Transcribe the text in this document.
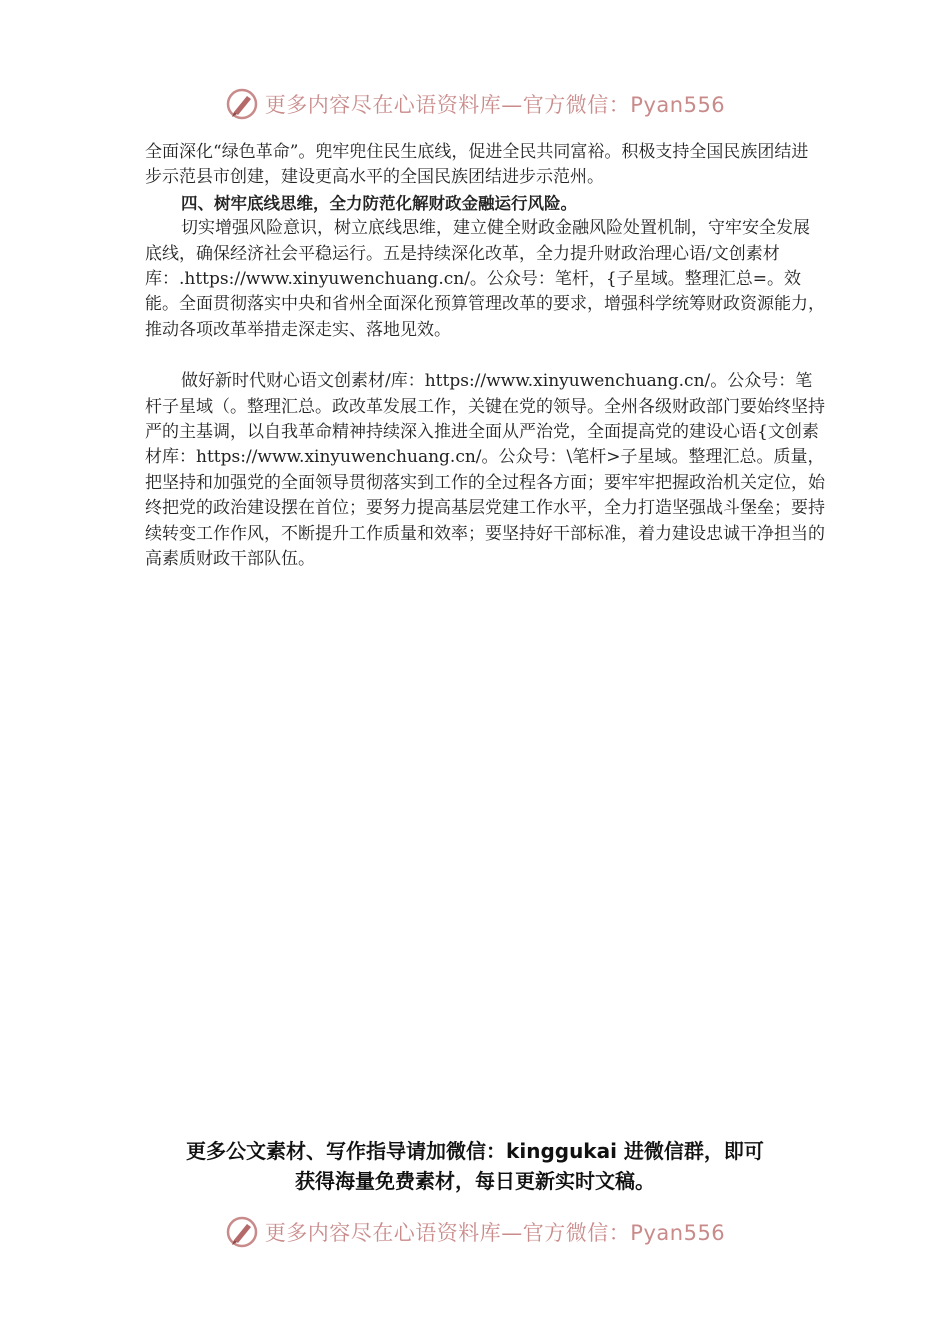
更多内容尽在心语资料库—官方微信：Pyan556

全面深化“绿色革命”。兜牢兜住民生底线，促进全民共同富裕。积极支持全国民族团结进步示范县市创建，建设更高水平的全国民族团结进步示范州。

四、树牢底线思维，全力防范化解财政金融运行风险。

切实增强风险意识，树立底线思维，建立健全财政金融风险处置机制，守牢安全发展底线，确保经济社会平稳运行。五是持续深化改革，全力提升财政治理心语/文创素材库：.https://www.xinyuwenchuang.cn/。公众号：笔杆，{子星域。整理汇总=。效能。全面贯彻落实中央和省州全面深化预算管理改革的要求，增强科学统筹财政资源能力，推动各项改革举措走深走实、落地见效。

做好新时代财心语文创素材/库：https://www.xinyuwenchuang.cn/。公众号：笔杆子星域（。整理汇总。政改革发展工作，关键在党的领导。全州各级财政部门要始终坚持严的主基调，以自我革命精神持续深入推进全面从严治党，全面提高党的建设心语{文创素材库：https://www.xinyuwenchuang.cn/。公众号：\笔杆>子星域。整理汇总。质量，把坚持和加强党的全面领导贯彻落实到工作的全过程各方面；要牢牢把握政治机关定位，始终把党的政治建设摆在首位；要努力提高基层党建工作水平，全力打造坚强战斗堡垒；要持续转变工作作风，不断提升工作质量和效率；要坚持好干部标准，着力建设忠诚干净担当的高素质财政干部队伍。

更多公文素材、写作指导请加微信：kinggukai 进微信群，即可
获得海量免费素材，每日更新实时文稿。
更多内容尽在心语资料库—官方微信：Pyan556
